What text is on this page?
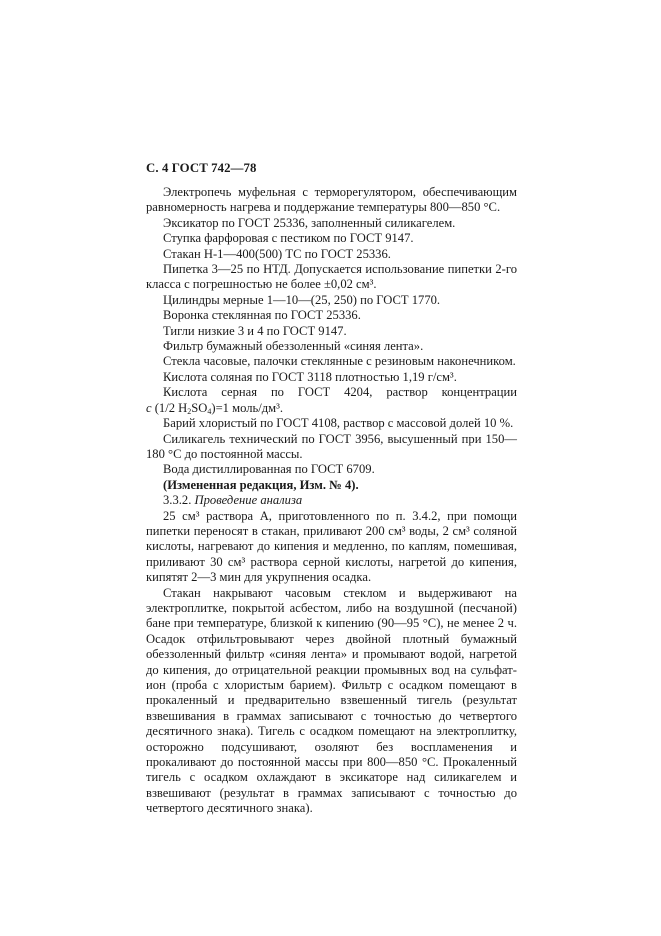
С. 4 ГОСТ 742—78

Электропечь муфельная с терморегулятором, обеспечивающим равномерность нагрева и поддержание температуры 800—850 °С.

Эксикатор по ГОСТ 25336, заполненный силикагелем.

Ступка фарфоровая с пестиком по ГОСТ 9147.

Стакан Н-1—400(500) ТС по ГОСТ 25336.

Пипетка 3—25 по НТД. Допускается использование пипетки 2-го класса с погрешностью не более ±0,02 см³.

Цилиндры мерные 1—10—(25, 250) по ГОСТ 1770.

Воронка стеклянная по ГОСТ 25336.

Тигли низкие 3 и 4 по ГОСТ 9147.

Фильтр бумажный обеззоленный «синяя лента».

Стекла часовые, палочки стеклянные с резиновым наконечником.

Кислота соляная по ГОСТ 3118 плотностью 1,19 г/см³.

Кислота серная по ГОСТ 4204, раствор концентрации

c (1/2 $H_2SO_4)=1$ моль/дм³.

Барий хлористый по ГОСТ 4108, раствор с массовой долей 10 %.

Силикагель технический по ГОСТ 3956, высушенный при 150—180 °С до постоянной массы.

Вода дистиллированная по ГОСТ 6709.

(Измененная редакция, Изм. № 4).

3.3.2. Проведение анализа

25 см³ раствора А, приготовленного по п. 3.4.2, при помощи пипетки переносят в стакан, приливают 200 см³ воды, 2 см³ соляной кислоты, нагревают до кипения и медленно, по каплям, помешивая, приливают 30 см³ раствора серной кислоты, нагретой до кипения, кипятят 2—3 мин для укрупнения осадка.

Стакан накрывают часовым стеклом и выдерживают на электроплитке, покрытой асбестом, либо на воздушной (песчаной) бане при температуре, близкой к кипению (90—95 °С), не менее 2 ч. Осадок отфильтровывают через двойной плотный бумажный обеззоленный фильтр «синяя лента» и промывают водой, нагретой до кипения, до отрицательной реакции промывных вод на сульфат-ион (проба с хлористым барием). Фильтр с осадком помещают в прокаленный и предварительно взвешенный тигель (результат взвешивания в граммах записывают с точностью до четвертого десятичного знака). Тигель с осадком помещают на электроплитку, осторожно подсушивают, озоляют без воспламенения и прокаливают до постоянной массы при 800—850 °С. Прокаленный тигель с осадком охлаждают в эксикаторе над силикагелем и взвешивают (результат в граммах записывают с точностью до четвертого десятичного знака).
